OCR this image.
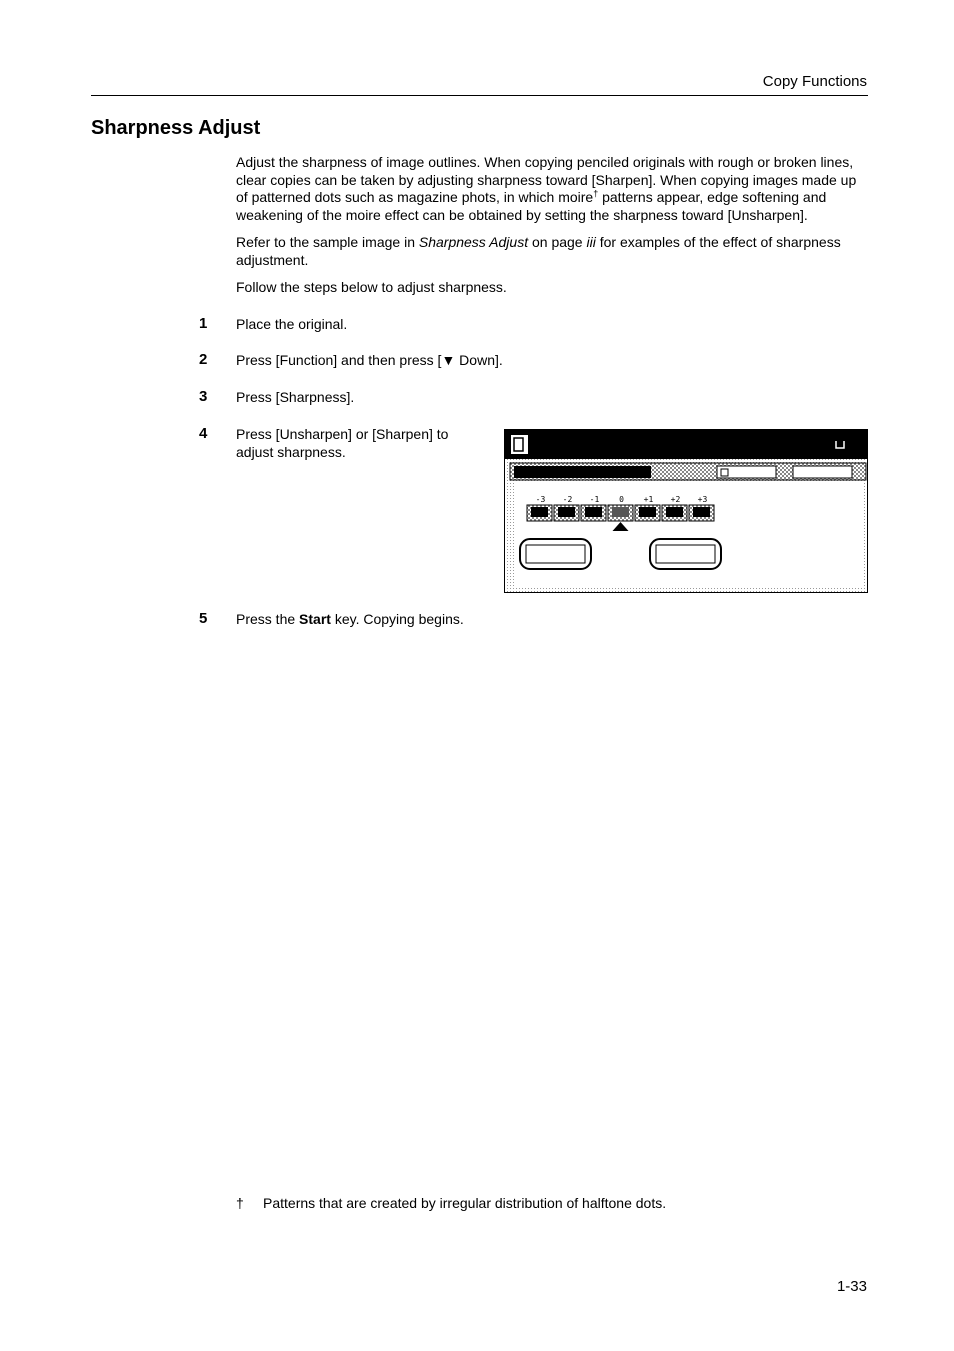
Copy Functions
Sharpness Adjust
Adjust the sharpness of image outlines. When copying penciled originals with rough or broken lines, clear copies can be taken by adjusting sharpness toward [Sharpen]. When copying images made up of patterned dots such as magazine phots, in which moire† patterns appear, edge softening and weakening of the moire effect can be obtained by setting the sharpness toward [Unsharpen].
Refer to the sample image in Sharpness Adjust on page iii for examples of the effect of sharpness adjustment.
Follow the steps below to adjust sharpness.
1 Place the original.
2 Press [Function] and then press [▼ Down].
3 Press [Sharpness].
4 Press [Unsharpen] or [Sharpen] to adjust sharpness.
-3 -2 -1 0 +1 +2 +3
5 Press the Start key. Copying begins.
† Patterns that are created by irregular distribution of halftone dots.
1-33
